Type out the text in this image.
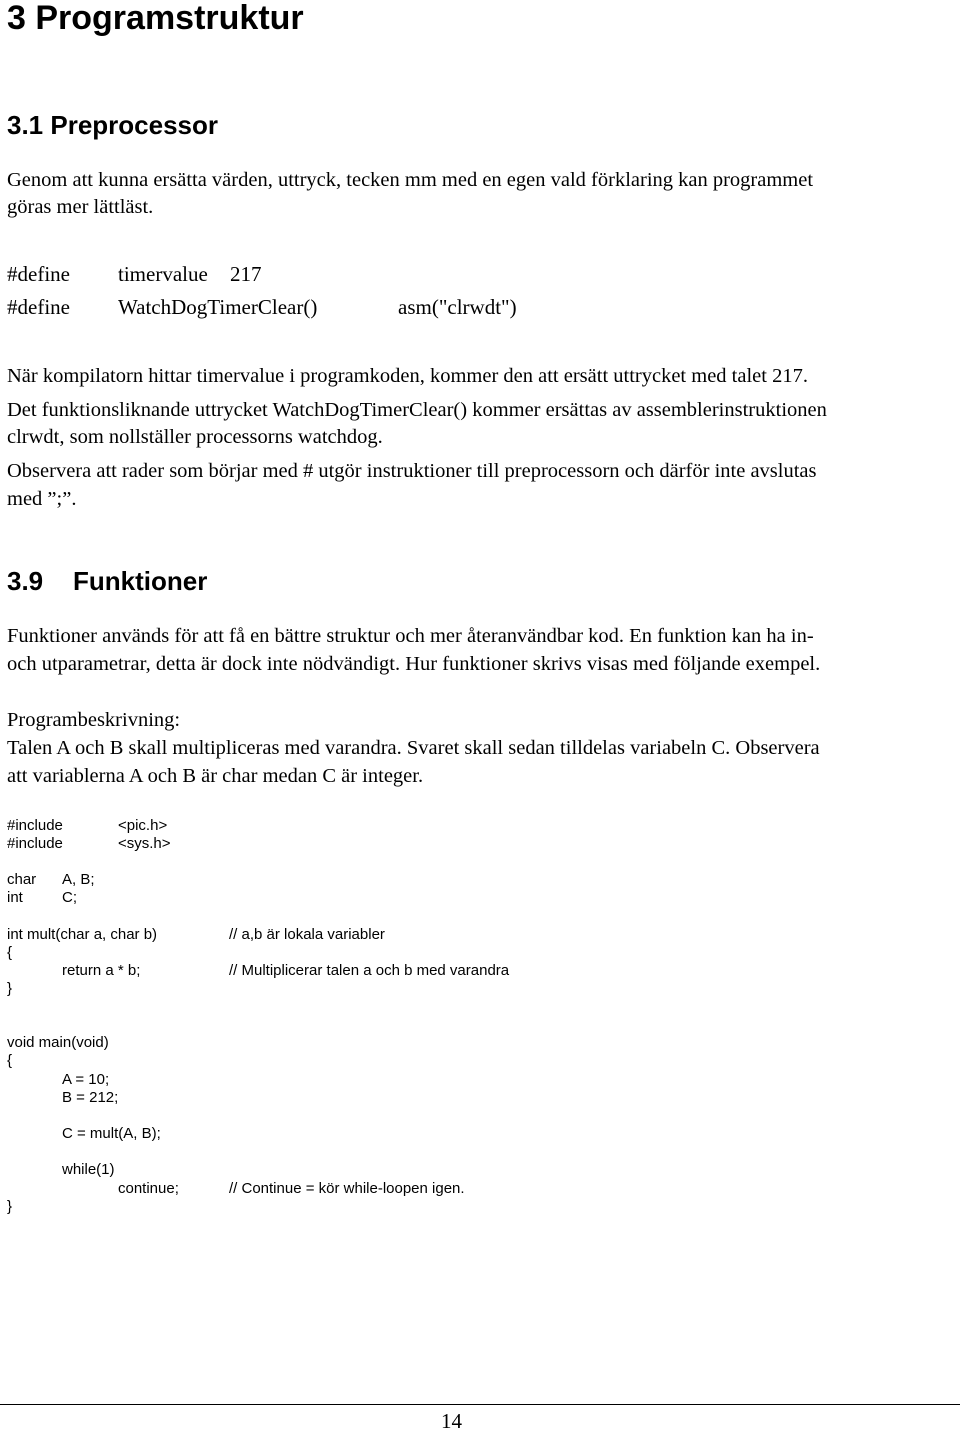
3 Programstruktur
3.1 Preprocessor
Genom att kunna ersätta värden, uttryck, tecken mm med en egen vald förklaring kan programmet
göras mer lättläst.
#define timervalue 217
#define WatchDogTimerClear()	asm("clrwdt")
När kompilatorn hittar timervalue i programkoden, kommer den att ersätt uttrycket med talet 217.
Det funktionsliknande uttrycket WatchDogTimerClear() kommer ersättas av assemblerinstruktionen
clrwdt, som nollställer processorns watchdog.
Observera att rader som börjar med # utgör instruktioner till preprocessorn och därför inte avslutas
med ”;”.
3.9 Funktioner
Funktioner används för att få en bättre struktur och mer återanvändbar kod. En funktion kan ha in-
och utparametrar, detta är dock inte nödvändigt. Hur funktioner skrivs visas med följande exempel.
Programbeskrivning:
Talen A och B skall multipliceras med varandra. Svaret skall sedan tilldelas variabeln C. Observera
att variablerna A och B är char medan C är integer.
#include	<pic.h>
#include	<sys.h>
char A, B;
int	C;
int mult(char a, char b)	// a,b är lokala variabler
{
return a * b;	// Multiplicerar talen a och b med varandra
}
void main(void)
{
A = 10;
B = 212;
C = mult(A, B);
while(1)
continue;	// Continue = kör while-loopen igen.
}
14
